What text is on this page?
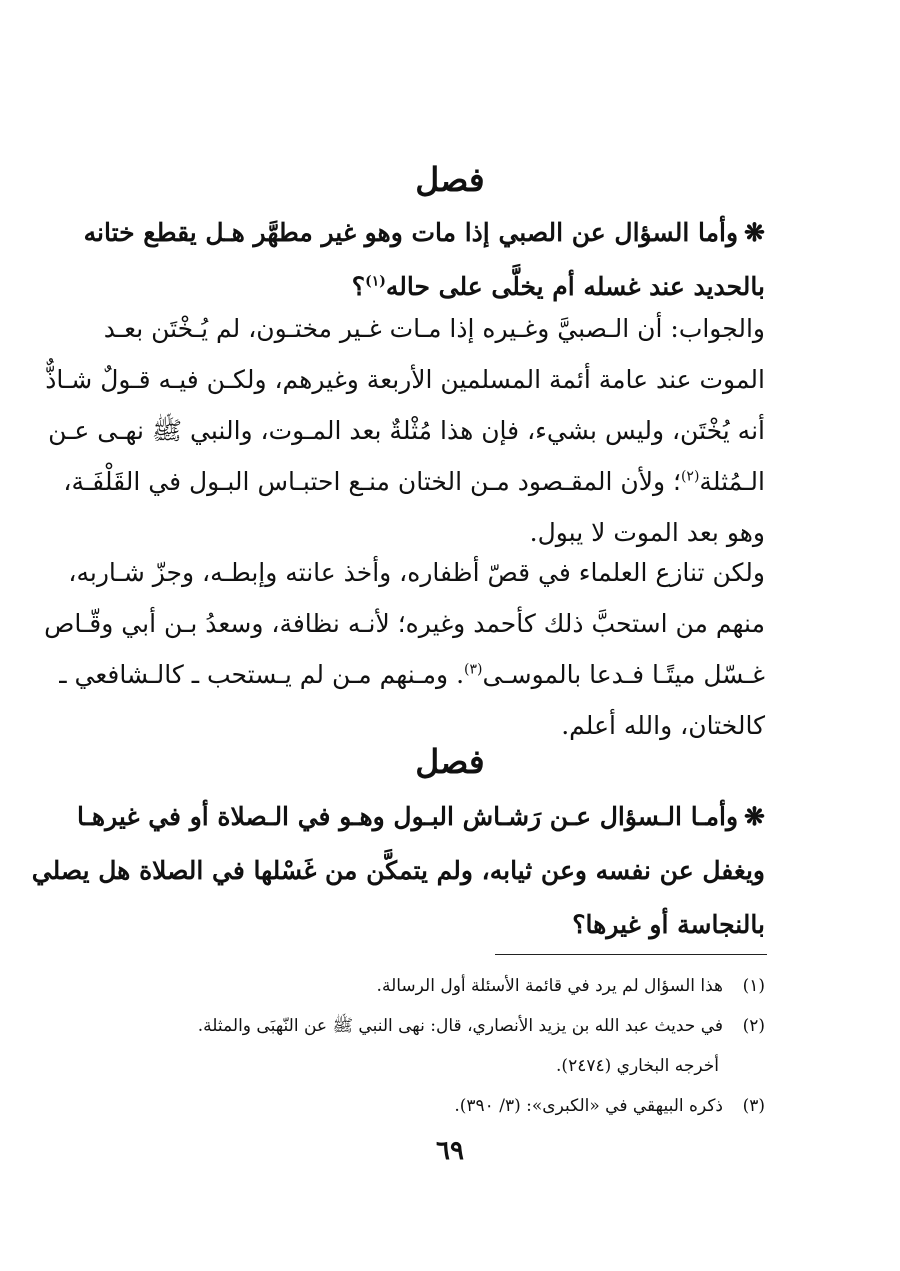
فصل
❋وأما السؤال عن الصبي إذا مات وهو غير مطهَّر هـل يقطع ختانه
بالحديد عند غسله أم يخلَّى على حاله$^{(١)}$؟
والجواب: أن الـصبيَّ وغـيره إذا مـات غـير مختـون، لم يُـخْتَن بعـد
الموت عند عامة أئمة المسلمين الأربعة وغيرهم، ولكـن فيـه قـولٌ شـاذٌّ
أنه يُخْتَن، وليس بشيء، فإن هذا مُثْلةٌ بعد المـوت، والنبي ﷺ نهـى عـن
الـمُثلة$^{(٢)}$؛ ولأن المقـصود مـن الختان منـع احتبـاس البـول في القَلْفَـة،
وهو بعد الموت لا يبول.
ولكن تنازع العلماء في قصّ أظفاره، وأخذ عانته وإبطـه، وجزّ شـاربه،
منهم من استحبَّ ذلك كأحمد وغيره؛ لأنـه نظافة، وسعدُ بـن أبي وقّـاص
غـسّل ميتًـا فـدعا بالموسـى$^{(٣)}$. ومـنهم مـن لم يـستحب ـ كالـشافعي ـ
كالختان، والله أعلم.
فصل
❋وأمـا الـسؤال عـن رَشـاش البـول وهـو في الـصلاة أو في غيرهـا
ويغفل عن نفسه وعن ثيابه، ولم يتمكَّن من غَسْلها في الصلاة هل يصلي
بالنجاسة أو غيرها؟
(١)هذا السؤال لم يرد في قائمة الأسئلة أول الرسالة.
(٢)في حديث عبد الله بن يزيد الأنصاري، قال: نهى النبي ﷺ عن النّهبَى والمثلة.
أخرجه البخاري (٢٤٧٤).
(٣)ذكره البيهقي في «الكبرى»: (٣/ ٣٩٠).
٦٩
